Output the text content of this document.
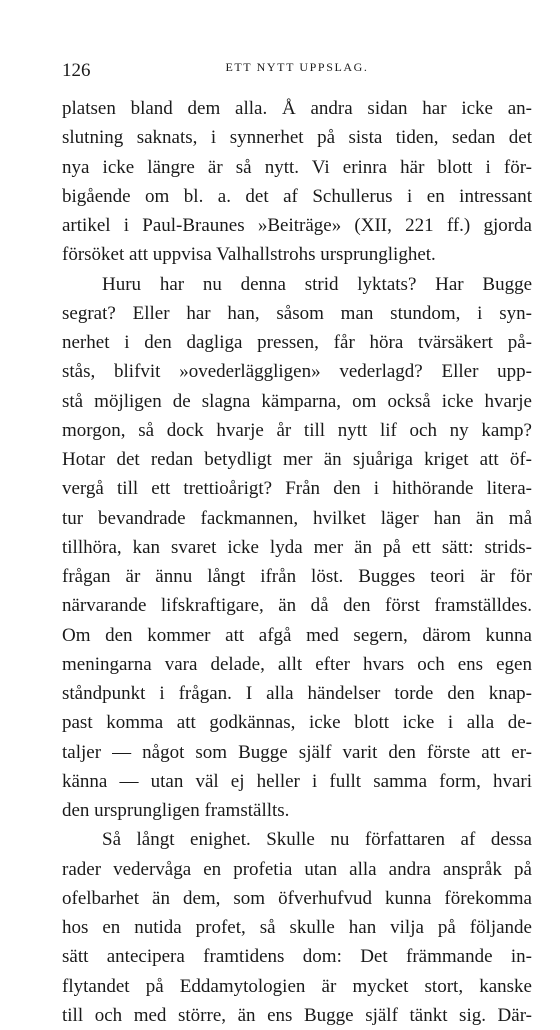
126	ETT NYTT UPPSLAG.
platsen bland dem alla. Å andra sidan har icke an-
slutning saknats, i synnerhet på sista tiden, sedan det
nya icke längre är så nytt. Vi erinra här blott i för-
bigående om bl. a. det af Schullerus i en intressant
artikel i Paul-Braunes »Beiträge» (XII, 221 ff.) gjorda
försöket att uppvisa Valhallstrohs ursprunglighet.
Huru har nu denna strid lyktats? Har Bugge
segrat? Eller har han, såsom man stundom, i syn-
nerhet i den dagliga pressen, får höra tvärsäkert på-
stås, blifvit »ovederläggligen» vederlagd? Eller upp-
stå möjligen de slagna kämparna, om också icke hvarje
morgon, så dock hvarje år till nytt lif och ny kamp?
Hotar det redan betydligt mer än sjuåriga kriget att öf-
vergå till ett trettioårigt? Från den i hithörande litera-
tur bevandrade fackmannen, hvilket läger han än må
tillhöra, kan svaret icke lyda mer än på ett sätt: strids-
frågan är ännu långt ifrån löst. Bugges teori är för
närvarande lifskraftigare, än då den först framställdes.
Om den kommer att afgå med segern, därom kunna
meningarna vara delade, allt efter hvars och ens egen
ståndpunkt i frågan. I alla händelser torde den knap-
past komma att godkännas, icke blott icke i alla de-
taljer — något som Bugge själf varit den förste att er-
känna — utan väl ej heller i fullt samma form, hvari
den ursprungligen framställts.
Så långt enighet. Skulle nu författaren af dessa
rader vedervåga en profetia utan alla andra anspråk på
ofelbarhet än dem, som öfverhufvud kunna förekomma
hos en nutida profet, så skulle han vilja på följande
sätt antecipera framtidens dom: Det främmande in-
flytandet på Eddamytologien är mycket stort, kanske
till och med större, än ens Bugge själf tänkt sig. Där-
